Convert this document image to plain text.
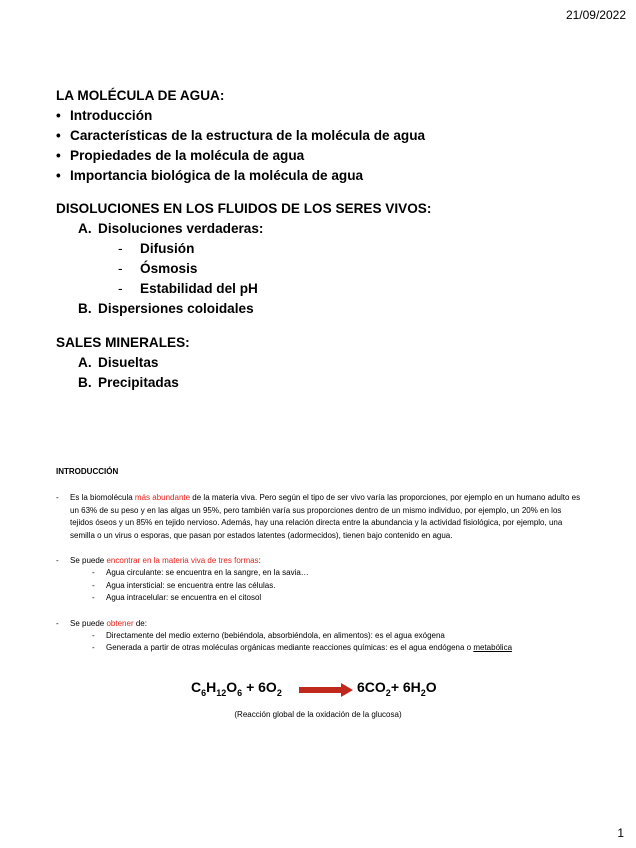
21/09/2022

LA MOLÉCULA DE AGUA:

• Introducción
• Características de la estructura de la molécula de agua
• Propiedades de la molécula de agua
• Importancia biológica de la molécula de agua

DISOLUCIONES EN LOS FLUIDOS DE LOS SERES VIVOS:

A. Disoluciones verdaderas:
- Difusión
- Ósmosis
- Estabilidad del pH
B. Dispersiones coloidales

SALES MINERALES:

A. Disueltas
B. Precipitadas
INTRODUCCIÓN
- Es la biomolécula más abundante de la materia viva. Pero según el tipo de ser vivo varía las proporciones, por ejemplo en un humano adulto es un 63% de su peso y en las algas un 95%, pero también varía sus proporciones dentro de un mismo individuo, por ejemplo, un 20% en los tejidos óseos y un 85% en tejido nervioso. Además, hay una relación directa entre la abundancia y la actividad fisiológica, por ejemplo, una semilla o un virus o esporas, que pasan por estados latentes (adormecidos), tienen bajo contenido en agua.
- Se puede encontrar en la materia viva de tres formas:
- Agua circulante: se encuentra en la sangre, en la savia…
- Agua intersticial: se encuentra entre las células.
- Agua intracelular: se encuentra en el citosol
- Se puede obtener de:
- Directamente del medio externo (bebiéndola, absorbiéndola, en alimentos): es el agua exógena
- Generada a partir de otras moléculas orgánicas mediante reacciones químicas: es el agua endógena o metabólica
$C_6H_{12}O_6 + 6O_2 \to 6CO_2+ 6H_2O$
(Reacción global de la oxidación de la glucosa)
1
